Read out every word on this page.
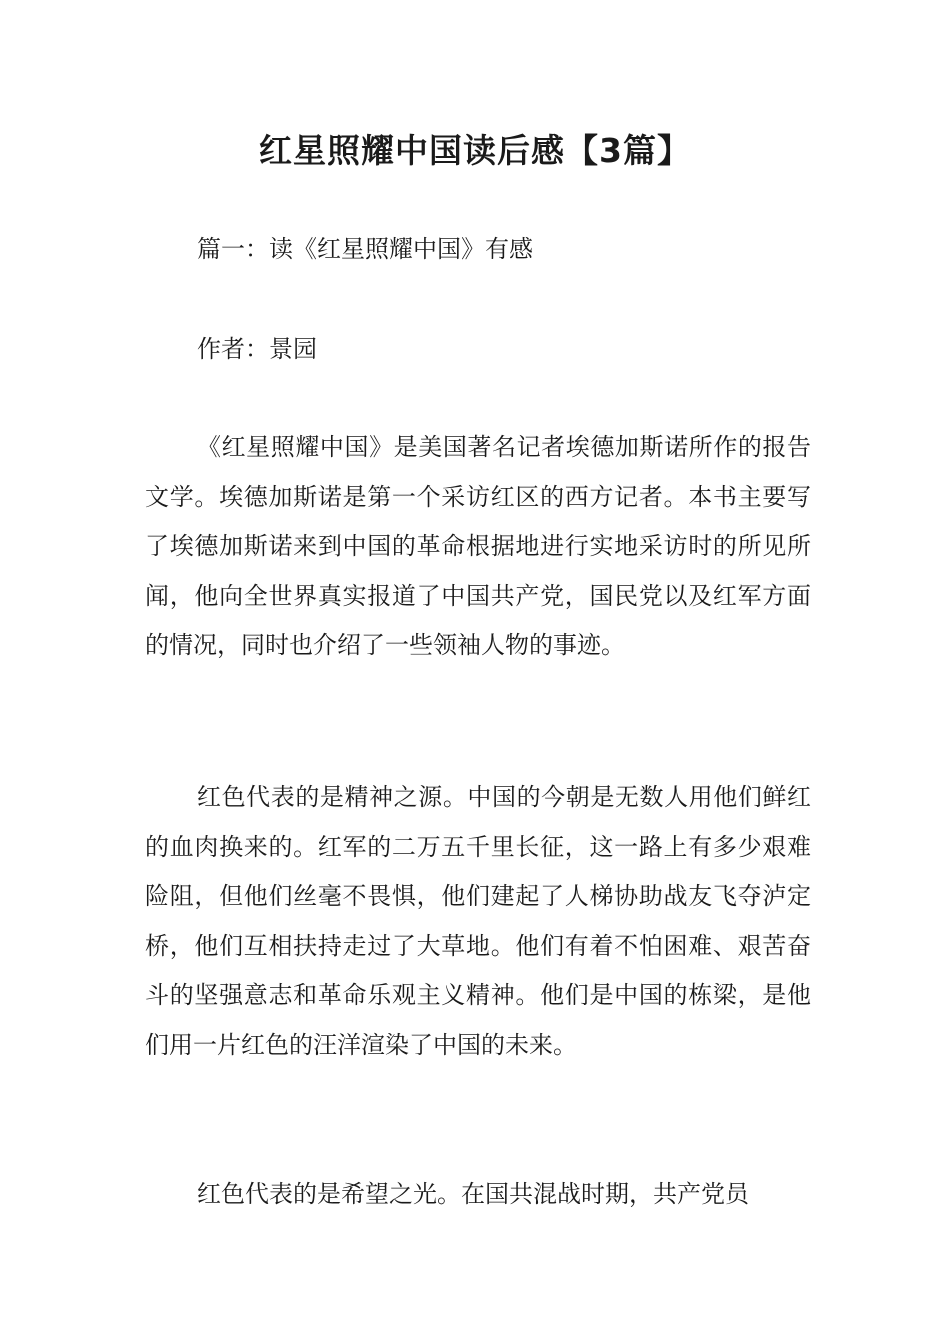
红星照耀中国读后感【3篇】

篇一：读《红星照耀中国》有感

作者：景园

《红星照耀中国》是美国著名记者埃德加斯诺所作的报告文学。埃德加斯诺是第一个采访红区的西方记者。本书主要写了埃德加斯诺来到中国的革命根据地进行实地采访时的所见所闻，他向全世界真实报道了中国共产党，国民党以及红军方面的情况，同时也介绍了一些领袖人物的事迹。

红色代表的是精神之源。中国的今朝是无数人用他们鲜红的血肉换来的。红军的二万五千里长征，这一路上有多少艰难险阻，但他们丝毫不畏惧，他们建起了人梯协助战友飞夺泸定桥，他们互相扶持走过了大草地。他们有着不怕困难、艰苦奋斗的坚强意志和革命乐观主义精神。他们是中国的栋梁，是他们用一片红色的汪洋渲染了中国的未来。

红色代表的是希望之光。在国共混战时期，共产党员
